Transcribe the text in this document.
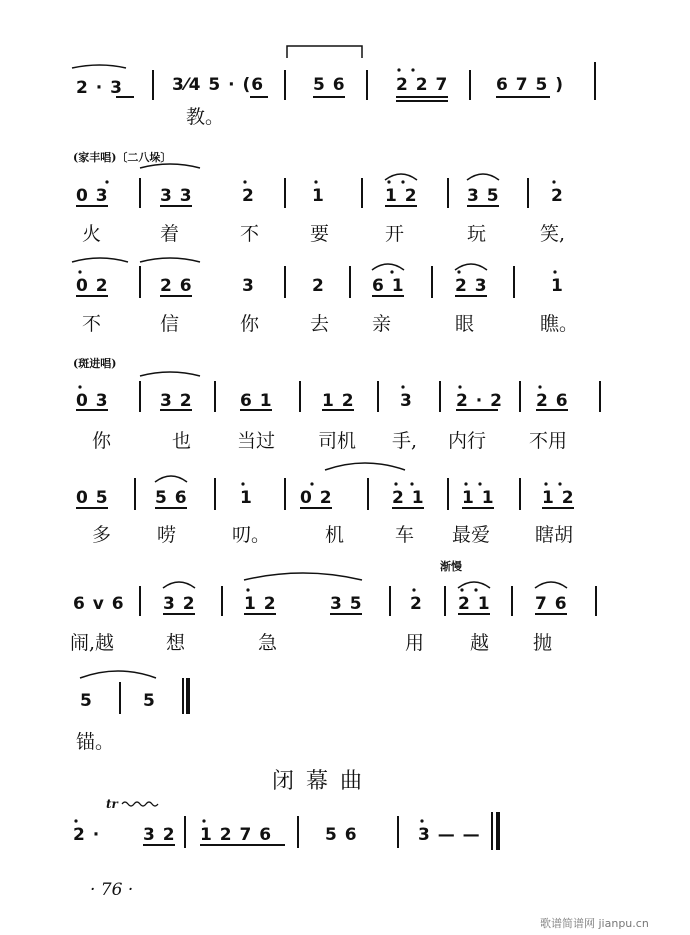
2 · 3	3⁄4 5 · (6	5 6	2 2 7	6 7 5 )
教。
(家丰唱)〔二八垛〕
0 3	3 3	2	1	1 2	3 5	2
火	着	不	要	开	玩	笑,
0 2	2 6	3	2	6 1	2 3	1
不	信	你	去 亲	眼	瞧。
(斑进唱)
0 3	3 2	6 1	1 2	3	2 · 2 2 6
你	也 当过 司机 手, 内行 不用
0 5	5 6	1	0 2	2 1 1 1	1 2
多 唠	叨。	机	车 最爱 瞎胡
渐慢
6 v 6 3 2	1 2	3 5	2 2 1	7 6
闹,越	想	急	用 越 抛
5	5
锚。
闭幕曲
tr
2 ·	3 2 1 2 7 6	5 6	3 — —
· 76 ·
歌谱简谱网 jianpu.cn
